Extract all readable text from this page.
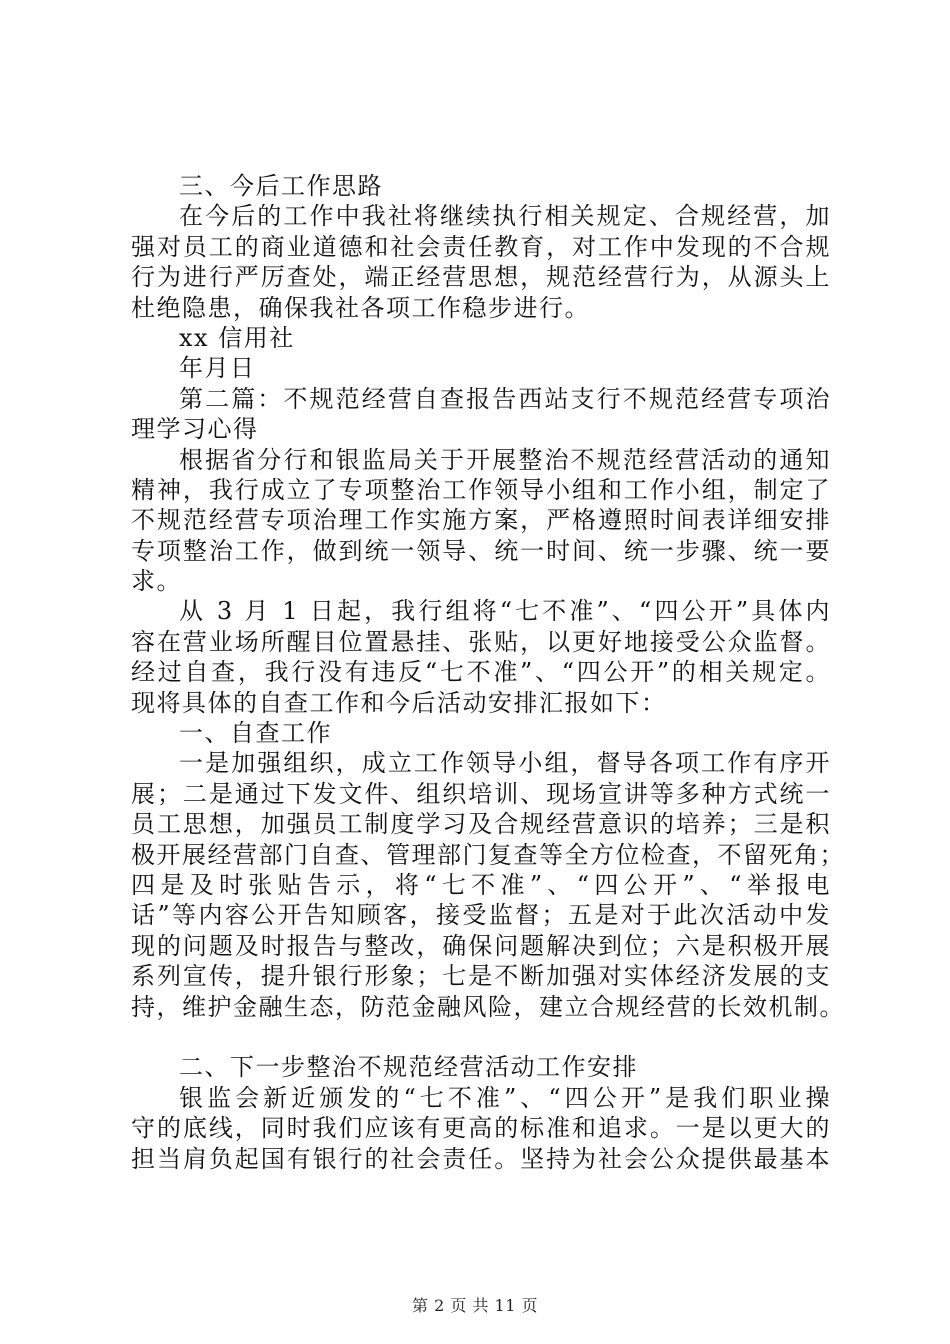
三、今后工作思路
在今后的工作中我社将继续执行相关规定、合规经营，加
强对员工的商业道德和社会责任教育，对工作中发现的不合规
行为进行严厉查处，端正经营思想，规范经营行为，从源头上
杜绝隐患，确保我社各项工作稳步进行。
xx 信用社
年月日
第二篇：不规范经营自查报告西站支行不规范经营专项治
理学习心得
根据省分行和银监局关于开展整治不规范经营活动的通知
精神，我行成立了专项整治工作领导小组和工作小组，制定了
不规范经营专项治理工作实施方案，严格遵照时间表详细安排
专项整治工作，做到统一领导、统一时间、统一步骤、统一要
求。
从 3 月 1 日起，我行组将“七不准”、“四公开”具体内
容在营业场所醒目位置悬挂、张贴，以更好地接受公众监督。
经过自查，我行没有违反“七不准”、“四公开”的相关规定。
现将具体的自查工作和今后活动安排汇报如下：
一、自查工作
一是加强组织，成立工作领导小组，督导各项工作有序开
展；二是通过下发文件、组织培训、现场宣讲等多种方式统一
员工思想，加强员工制度学习及合规经营意识的培养；三是积
极开展经营部门自查、管理部门复查等全方位检查，不留死角；
四是及时张贴告示，将“七不准”、“四公开”、“举报电
话”等内容公开告知顾客，接受监督；五是对于此次活动中发
现的问题及时报告与整改，确保问题解决到位；六是积极开展
系列宣传，提升银行形象；七是不断加强对实体经济发展的支
持，维护金融生态，防范金融风险，建立合规经营的长效机制。
二、下一步整治不规范经营活动工作安排
银监会新近颁发的“七不准”、“四公开”是我们职业操
守的底线，同时我们应该有更高的标准和追求。一是以更大的
担当肩负起国有银行的社会责任。坚持为社会公众提供最基本
第 2 页 共 11 页
